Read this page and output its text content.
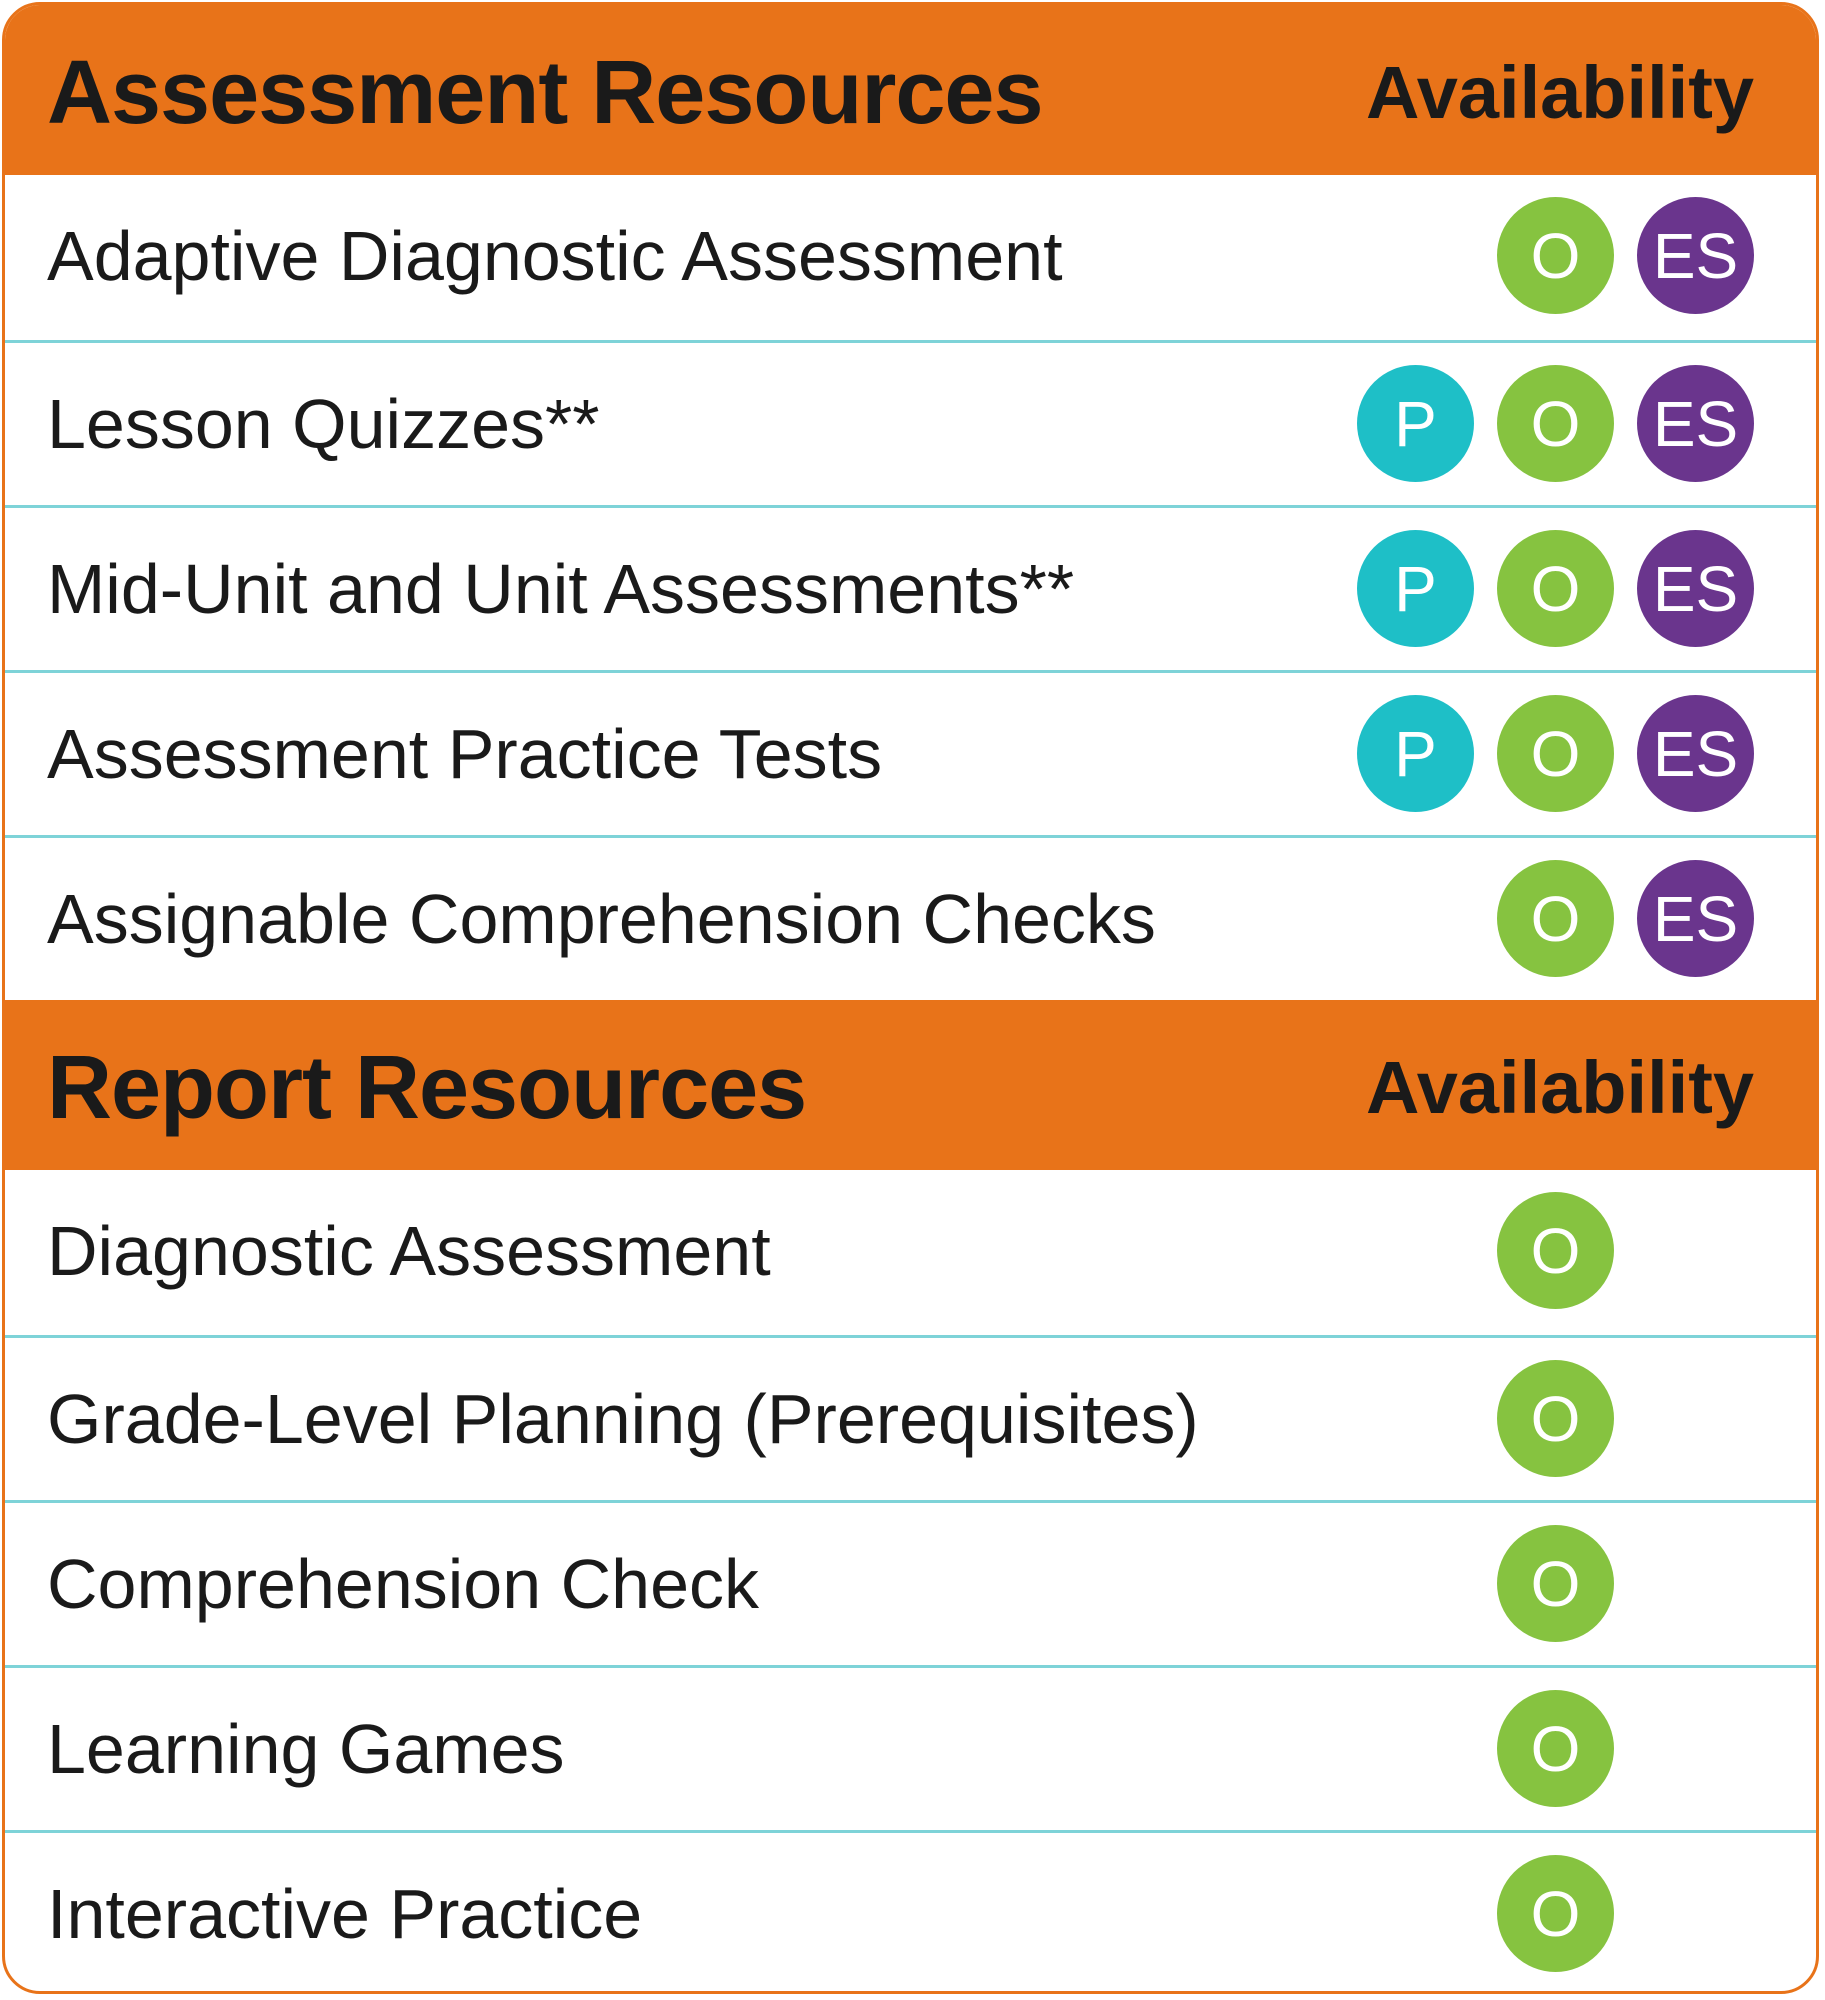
Assessment Resources	Availability
Adaptive Diagnostic Assessment	O	ES
Lesson Quizzes**	P	O	ES
Mid-Unit and Unit Assessments**	P	O	ES
Assessment Practice Tests	P	O	ES
Assignable Comprehension Checks	O	ES
Report Resources	Availability
Diagnostic Assessment	O
Grade-Level Planning (Prerequisites)	O
Comprehension Check	O
Learning Games	O
Interactive Practice	O
